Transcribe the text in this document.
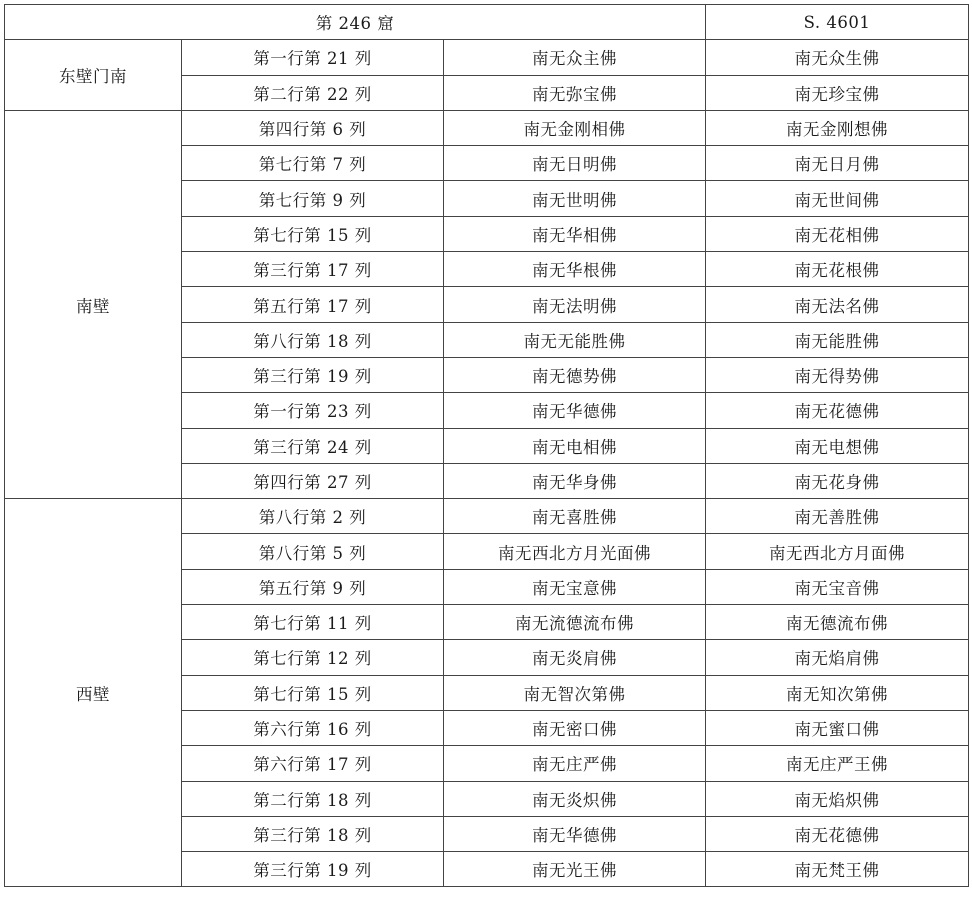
第 246 窟			S. 4601
东壁门南	第一行第 21 列	南无众主佛	南无众生佛
	第二行第 22 列	南无弥宝佛	南无珍宝佛
南壁	第四行第 6 列	南无金刚相佛	南无金刚想佛
	第七行第 7 列	南无日明佛	南无日月佛
	第七行第 9 列	南无世明佛	南无世间佛
	第七行第 15 列	南无华相佛	南无花相佛
	第三行第 17 列	南无华根佛	南无花根佛
	第五行第 17 列	南无法明佛	南无法名佛
	第八行第 18 列	南无无能胜佛	南无能胜佛
	第三行第 19 列	南无德势佛	南无得势佛
	第一行第 23 列	南无华德佛	南无花德佛
	第三行第 24 列	南无电相佛	南无电想佛
	第四行第 27 列	南无华身佛	南无花身佛
西壁	第八行第 2 列	南无喜胜佛	南无善胜佛
	第八行第 5 列	南无西北方月光面佛	南无西北方月面佛
	第五行第 9 列	南无宝意佛	南无宝音佛
	第七行第 11 列	南无流德流布佛	南无德流布佛
	第七行第 12 列	南无炎肩佛	南无焰肩佛
	第七行第 15 列	南无智次第佛	南无知次第佛
	第六行第 16 列	南无密口佛	南无蜜口佛
	第六行第 17 列	南无庄严佛	南无庄严王佛
	第二行第 18 列	南无炎炽佛	南无焰炽佛
	第三行第 18 列	南无华德佛	南无花德佛
	第三行第 19 列	南无光王佛	南无梵王佛
